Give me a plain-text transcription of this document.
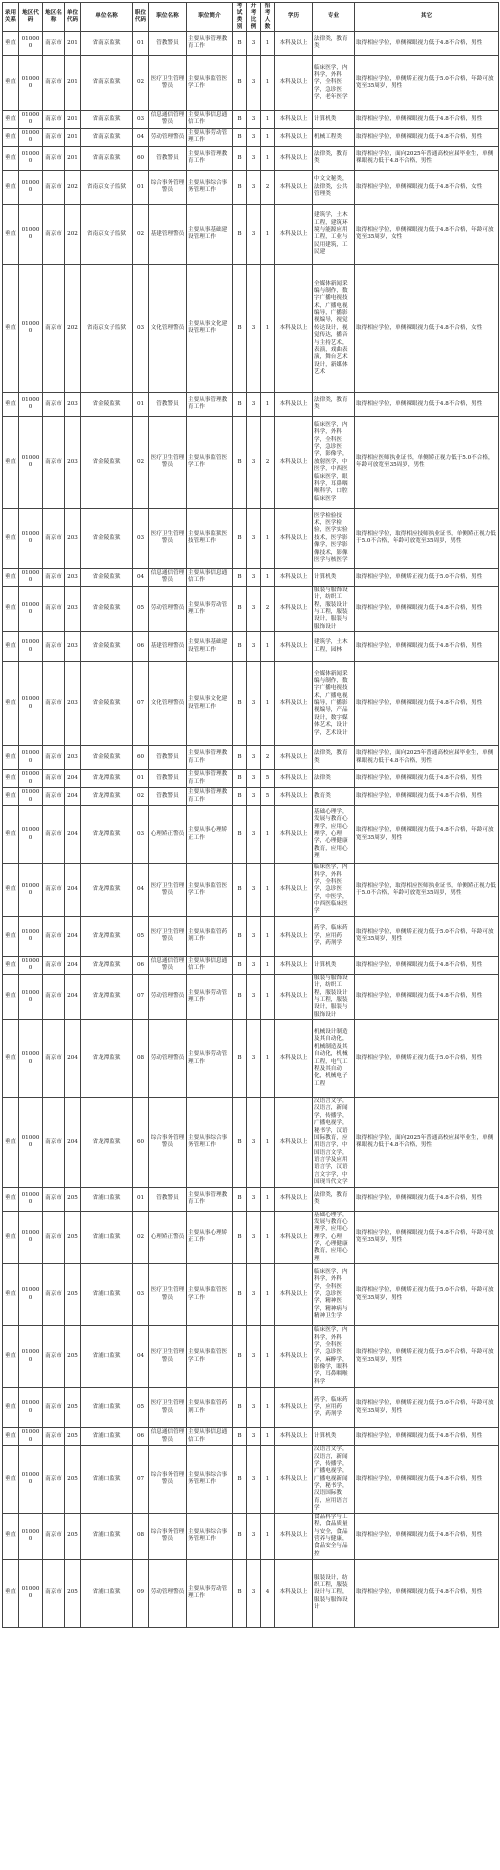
录用关系	地区代码	地区名称	单位代码	单位名称	职位代码	职位名称	职位简介	考试类别	开考比例	招考人数	学历	专业	其它
垂直	010000	南京市	201	省南京监狱	01	管教警员	主要从事管理教育工作	B	3	1	本科及以上	法律类，教育类	取得相应学位，单侧裸眼视力低于4.8不合格，男性
垂直	010000	南京市	201	省南京监狱	02	医疗卫生管理警员	主要从事监管医学工作	B	3	1	本科及以上	临床医学，内科学，外科学，全科医学，急诊医学，老年医学	取得相应学位，单侧矫正视力低于5.0不合格，年龄可放宽至35周岁，男性
垂直	010000	南京市	201	省南京监狱	03	信息通信管理警员	主要从事信息通信工作	B	3	1	本科及以上	计算机类	取得相应学位，单侧裸眼视力低于4.8不合格，男性
垂直	010000	南京市	201	省南京监狱	04	劳动管理警员	主要从事劳动管理工作	B	3	1	本科及以上	机械工程类	取得相应学位，单侧裸眼视力低于4.8不合格，男性
垂直	010000	南京市	201	省南京监狱	60	管教警员	主要从事管理教育工作	B	3	1	本科及以上	法律类，教育类	取得相应学位，面向2025年普通高校应届毕业生，单侧裸眼视力低于4.8不合格，男性
垂直	010000	南京市	202	省南京女子监狱	01	综合事务管理警员	主要从事综合事务管理工作	B	3	2	本科及以上	中文文秘类，法律类，公共管理类	取得相应学位，单侧裸眼视力低于4.8不合格，女性
垂直	010000	南京市	202	省南京女子监狱	02	基建管理警员	主要从事基础建设管理工作	B	3	1	本科及以上	建筑学，土木工程，建筑环境与能源应用工程，工业与民用建筑，工民建	取得相应学位，单侧裸眼视力低于4.8不合格，年龄可放宽至35周岁，女性
垂直	010000	南京市	202	省南京女子监狱	03	文化管理警员	主要从事文化建设管理工作	B	3	1	本科及以上	全媒体新闻采编与制作，数字广播电视技术，广播电视编导，广播影视编导，视觉传达设计，视觉传达，播音与主持艺术，表演，戏曲表演，舞台艺术设计，新媒体艺术	取得相应学位，单侧裸眼视力低于4.8不合格，女性
垂直	010000	南京市	203	省金陵监狱	01	管教警员	主要从事管理教育工作	B	3	1	本科及以上	法律类，教育类	取得相应学位，单侧裸眼视力低于4.8不合格，男性
垂直	010000	南京市	203	省金陵监狱	02	医疗卫生管理警员	主要从事监管医学工作	B	3	2	本科及以上	临床医学，内科学，外科学，全科医学，急诊医学，影像学，放射医学，中医学，中西医临床医学，眼科学，耳鼻咽喉科学，口腔临床医学	取得相应医师执业证书，单侧矫正视力低于5.0不合格，年龄可放宽至35周岁，男性
垂直	010000	南京市	203	省金陵监狱	03	医疗卫生管理警员	主要从事监狱医技管理工作	B	3	1	本科及以上	医学检验技术，医学检验，医学实验技术，医学影像学，医学影像技术，影像医学与核医学	取得相应学位，取得相应技师执业证书，单侧矫正视力低于5.0不合格，年龄可放宽至35周岁，男性
垂直	010000	南京市	203	省金陵监狱	04	信息通信管理警员	主要从事信息通信工作	B	3	1	本科及以上	计算机类	取得相应学位，单侧矫正视力低于5.0不合格，男性
垂直	010000	南京市	203	省金陵监狱	05	劳动管理警员	主要从事劳动管理工作	B	3	2	本科及以上	服装与服饰设计，纺织工程，服装设计与工程，服装设计，服装与服饰设计	取得相应学位，单侧裸眼视力低于4.8不合格，男性
垂直	010000	南京市	203	省金陵监狱	06	基建管理警员	主要从事基础建设管理工作	B	3	1	本科及以上	建筑学，土木工程，园林	取得相应学位，单侧裸眼视力低于4.8不合格，男性
垂直	010000	南京市	203	省金陵监狱	07	文化管理警员	主要从事文化建设管理工作	B	3	1	本科及以上	全媒体新闻采编与制作，数字广播电视技术，广播电视编导，广播影视编导，产品设计，数字媒体艺术，设计学，艺术设计	取得相应学位，单侧裸眼视力低于4.8不合格，男性
垂直	010000	南京市	203	省金陵监狱	60	管教警员	主要从事管理教育工作	B	3	2	本科及以上	法律类，教育类	取得相应学位，面向2025年普通高校应届毕业生，单侧裸眼视力低于4.8不合格，男性
垂直	010000	南京市	204	省龙潭监狱	01	管教警员	主要从事管理教育工作	B	3	5	本科及以上	法律类	取得相应学位，单侧裸眼视力低于4.8不合格，男性
垂直	010000	南京市	204	省龙潭监狱	02	管教警员	主要从事管理教育工作	B	3	5	本科及以上	教育类	取得相应学位，单侧裸眼视力低于4.8不合格，男性
垂直	010000	南京市	204	省龙潭监狱	03	心理矫正警员	主要从事心理矫正工作	B	3	1	本科及以上	基础心理学，发展与教育心理学，应用心理学，心理学，心理健康教育，应用心理	取得相应学位，单侧裸眼视力低于4.8不合格，年龄可放宽至35周岁，男性
垂直	010000	南京市	204	省龙潭监狱	04	医疗卫生管理警员	主要从事监管医学工作	B	3	1	本科及以上	临床医学，内科学，外科学，全科医学，急诊医学，中医学，中西医临床医学	取得相应学位，取得相应医师执业证书，单侧矫正视力低于5.0不合格，年龄可放宽至35周岁，男性
垂直	010000	南京市	204	省龙潭监狱	05	医疗卫生管理警员	主要从事监管药剂工作	B	3	1	本科及以上	药学，临床药学，应用药学，药剂学	取得相应学位，单侧矫正视力低于5.0不合格，年龄可放宽至35周岁，男性
垂直	010000	南京市	204	省龙潭监狱	06	信息通信管理警员	主要从事信息通信工作	B	3	1	本科及以上	计算机类	取得相应学位，单侧裸眼视力低于4.8不合格，男性
垂直	010000	南京市	204	省龙潭监狱	07	劳动管理警员	主要从事劳动管理工作	B	3	1	本科及以上	服装与服饰设计，纺织工程，服装设计与工程，服装设计，服装与服饰设计	取得相应学位，单侧裸眼视力低于4.8不合格，男性
垂直	010000	南京市	204	省龙潭监狱	08	劳动管理警员	主要从事劳动管理工作	B	3	1	本科及以上	机械设计制造及其自动化，机械制造及其自动化，机械工程，电气工程及其自动化，机械电子工程	取得相应学位，单侧矫正视力低于5.0不合格，男性
垂直	010000	南京市	204	省龙潭监狱	60	综合事务管理警员	主要从事综合事务管理工作	B	3	1	本科及以上	汉语言文学，汉语言，新闻学，传播学，广播电视学，秘书学，汉语国际教育，应用语言学，中国语言文学，语言学及应用语言学，汉语言文字学，中国现当代文学	取得相应学位，面向2025年普通高校应届毕业生，单侧裸眼视力低于4.8不合格，男性
垂直	010000	南京市	205	省浦口监狱	01	管教警员	主要从事管理教育工作	B	3	1	本科及以上	法律类，教育类	取得相应学位，单侧裸眼视力低于4.8不合格，男性
垂直	010000	南京市	205	省浦口监狱	02	心理矫正警员	主要从事心理矫正工作	B	3	1	本科及以上	基础心理学，发展与教育心理学，应用心理学，心理学，心理健康教育，应用心理	取得相应学位，单侧裸眼视力低于4.8不合格，年龄可放宽至35周岁，男性
垂直	010000	南京市	205	省浦口监狱	03	医疗卫生管理警员	主要从事监管医学工作	B	3	1	本科及以上	临床医学，内科学，外科学，全科医学，急诊医学，精神医学，精神病与精神卫生学	取得相应学位，单侧矫正视力低于5.0不合格，年龄可放宽至35周岁，男性
垂直	010000	南京市	205	省浦口监狱	04	医疗卫生管理警员	主要从事监管医学工作	B	3	1	本科及以上	临床医学，内科学，外科学，全科医学，急诊医学，麻醉学，影像学，眼科学，耳鼻咽喉科学	取得相应学位，单侧矫正视力低于5.0不合格，年龄可放宽至35周岁，男性
垂直	010000	南京市	205	省浦口监狱	05	医疗卫生管理警员	主要从事监管药剂工作	B	3	1	本科及以上	药学，临床药学，应用药学，药剂学	取得相应学位，单侧矫正视力低于5.0不合格，年龄可放宽至35周岁，男性
垂直	010000	南京市	205	省浦口监狱	06	信息通信管理警员	主要从事信息通信工作	B	3	1	本科及以上	计算机类	取得相应学位，单侧裸眼视力低于4.8不合格，男性
垂直	010000	南京市	205	省浦口监狱	07	综合事务管理警员	主要从事综合事务管理工作	B	3	1	本科及以上	汉语言文学，汉语言，新闻学，传播学，广播电视学，广播电视新闻学，秘书学，汉语国际教育，应用语言学	取得相应学位，单侧裸眼视力低于4.8不合格，男性
垂直	010000	南京市	205	省浦口监狱	08	综合事务管理警员	主要从事综合事务管理工作	B	3	1	本科及以上	食品科学与工程，食品质量与安全，食品营养与健康，食品安全与品控	取得相应学位，单侧裸眼视力低于4.8不合格，男性
垂直	010000	南京市	205	省浦口监狱	09	劳动管理警员	主要从事劳动管理工作	B	3	4	本科及以上	服装设计，纺织工程，服装设计与工程，服装与服饰设计	取得相应学位，单侧裸眼视力低于4.8不合格，男性
